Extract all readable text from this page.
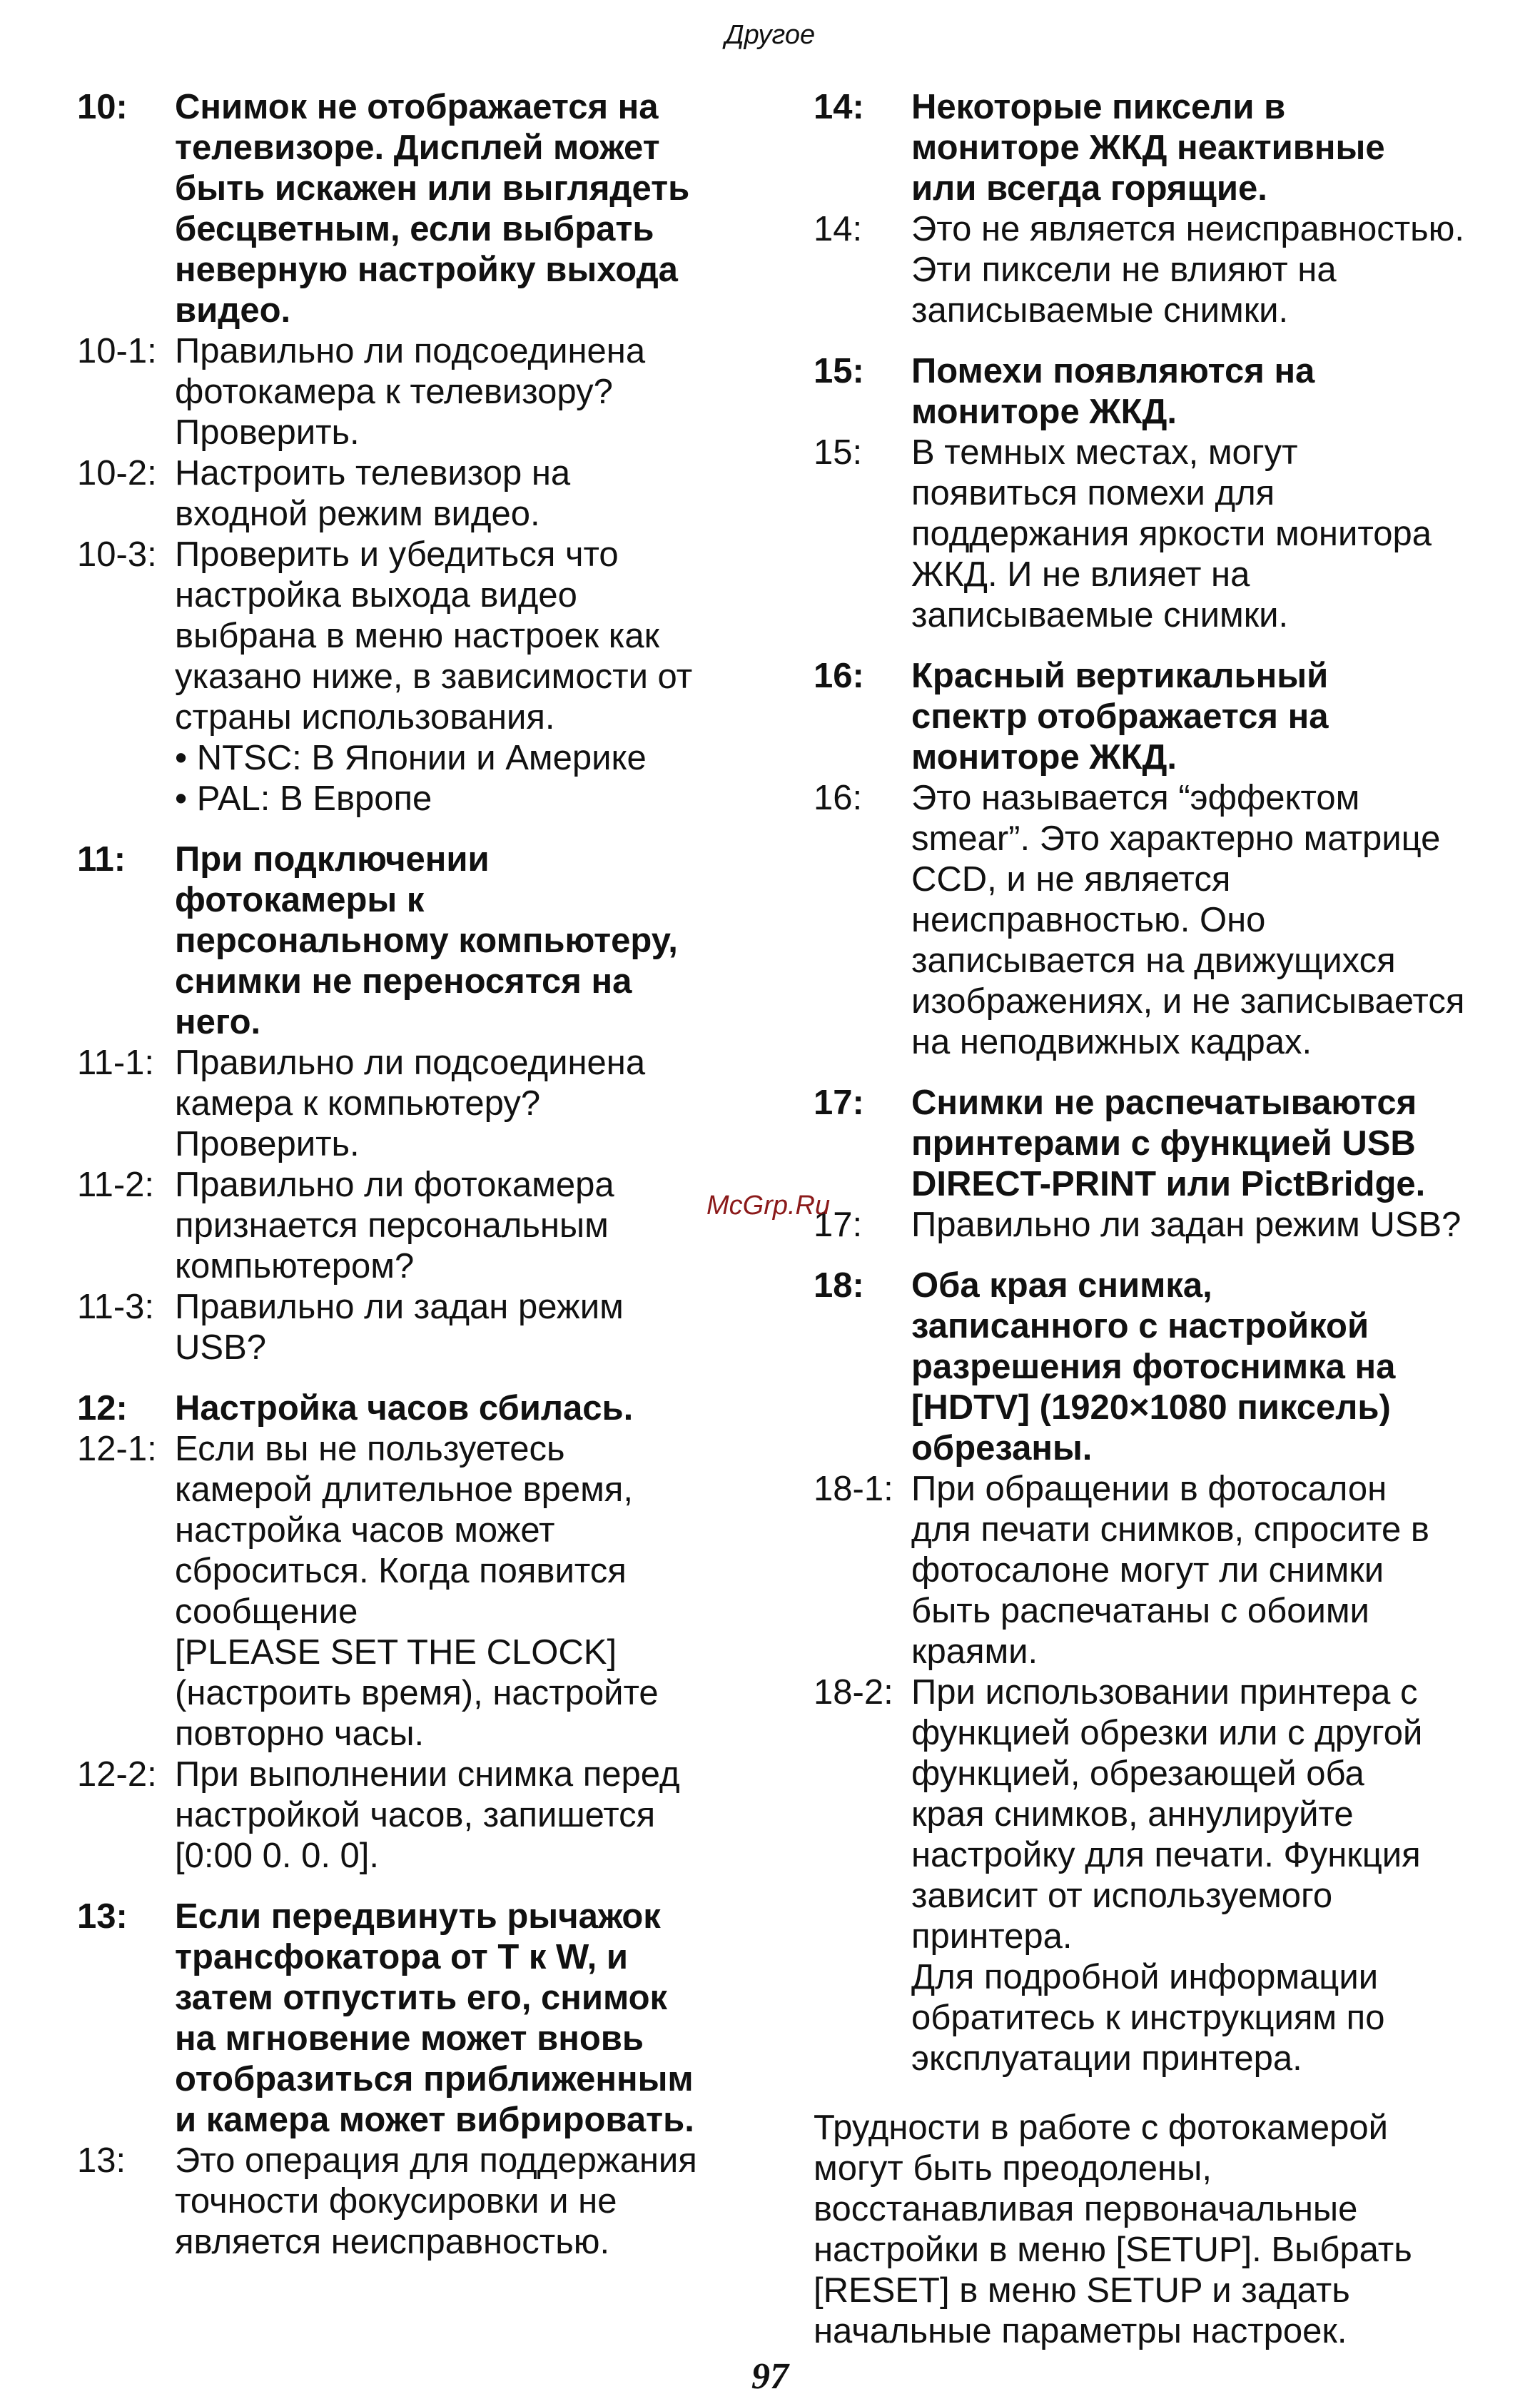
Другое
10:	Снимок не отображается на
телевизоре. Дисплей может
быть искажен или выглядеть
бесцветным, если выбрать
неверную настройку выхода
видео.
10-1: Правильно ли подсоединена
фотокамера к телевизору?
Проверить.
10-2: Настроить телевизор на
входной режим видео.
10-3: Проверить и убедиться что
настройка выхода видео
выбрана в меню настроек как
указано ниже, в зависимости от
страны использования.
• NTSC: В Японии и Америке
• PAL: В Европе
11:	При подключении
фотокамеры к
персональному компьютеру,
снимки не переносятся на
него.
11-1: Правильно ли подсоединена
камера к компьютеру?
Проверить.
11-2: Правильно ли фотокамера
признается персональным
компьютером?
11-3: Правильно ли задан режим
USB?
12:	Настройка часов сбилась.
12-1: Если вы не пользуетесь
камерой длительное время,
настройка часов может
сброситься. Когда появится
сообщение
[PLEASE SET THE CLOCK]
(настроить время), настройте
повторно часы.
12-2: При выполнении снимка перед
настройкой часов, запишется
[0:00 0. 0. 0].
13:	Если передвинуть рычажок
трансфокатора от T к W, и
затем отпустить его, снимок
на мгновение может вновь
отобразиться приближенным
и камера может вибрировать.
13:	Это операция для поддержания
точности фокусировки и не
является неисправностью.
14:	Некоторые пиксели в
мониторе ЖКД неактивные
или всегда горящие.
14:	Это не является неисправностью.
Эти пиксели не влияют на
записываемые снимки.
15:	Помехи появляются на
мониторе ЖКД.
15:	В темных местах, могут
появиться помехи для
поддержания яркости монитора
ЖКД. И не влияет на
записываемые снимки.
16:	Красный вертикальный
спектр отображается на
мониторе ЖКД.
16:	Это называется “эффектом
smear”. Это характерно матрице
CCD, и не является
неисправностью. Оно
записывается на движущихся
изображениях, и не записывается
на неподвижных кадрах.
17:	Снимки не распечатываются
принтерами с функцией USB
DIRECT-PRINT или PictBridge.
17:	Правильно ли задан режим USB?
18:	Оба края снимка,
записанного с настройкой
разрешения фотоснимка на
[HDTV] (1920×1080 пиксель)
обрезаны.
18-1: При обращении в фотосалон
для печати снимков, спросите в
фотосалоне могут ли снимки
быть распечатаны с обоими
краями.
18-2: При использовании принтера с
функцией обрезки или с другой
функцией, обрезающей оба
края снимков, аннулируйте
настройку для печати. Функция
зависит от используемого
принтера.
Для подробной информации
обратитесь к инструкциям по
эксплуатации принтера.
Трудности в работе с фотокамерой
могут быть преодолены,
восстанавливая первоначальные
настройки в меню [SETUP]. Выбрать
[RESET] в меню SETUP и задать
начальные параметры настроек.
McGrp.Ru
97
